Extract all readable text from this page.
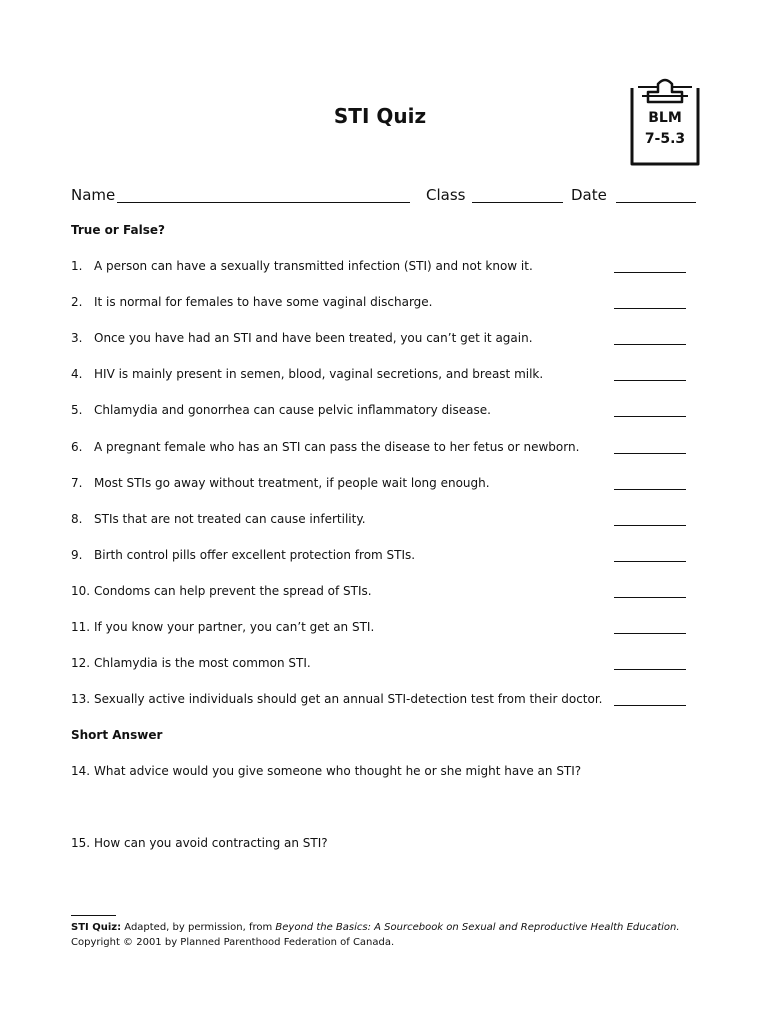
STI Quiz	BLM
7-5.3
Name	Class	Date
True or False?
1. A person can have a sexually transmitted infection (STI) and not know it.
2. It is normal for females to have some vaginal discharge.
3. Once you have had an STI and have been treated, you can’t get it again.
4. HIV is mainly present in semen, blood, vaginal secretions, and breast milk.
5. Chlamydia and gonorrhea can cause pelvic inflammatory disease.
6. A pregnant female who has an STI can pass the disease to her fetus or newborn.
7. Most STIs go away without treatment, if people wait long enough.
8. STIs that are not treated can cause infertility.
9. Birth control pills offer excellent protection from STIs.
10. Condoms can help prevent the spread of STIs.
11. If you know your partner, you can’t get an STI.
12. Chlamydia is the most common STI.
13. Sexually active individuals should get an annual STI-detection test from their doctor.
Short Answer
14. What advice would you give someone who thought he or she might have an STI?
15. How can you avoid contracting an STI?
STI Quiz: Adapted, by permission, from Beyond the Basics: A Sourcebook on Sexual and Reproductive Health Education. Copyright © 2001 by Planned Parenthood Federation of Canada.
